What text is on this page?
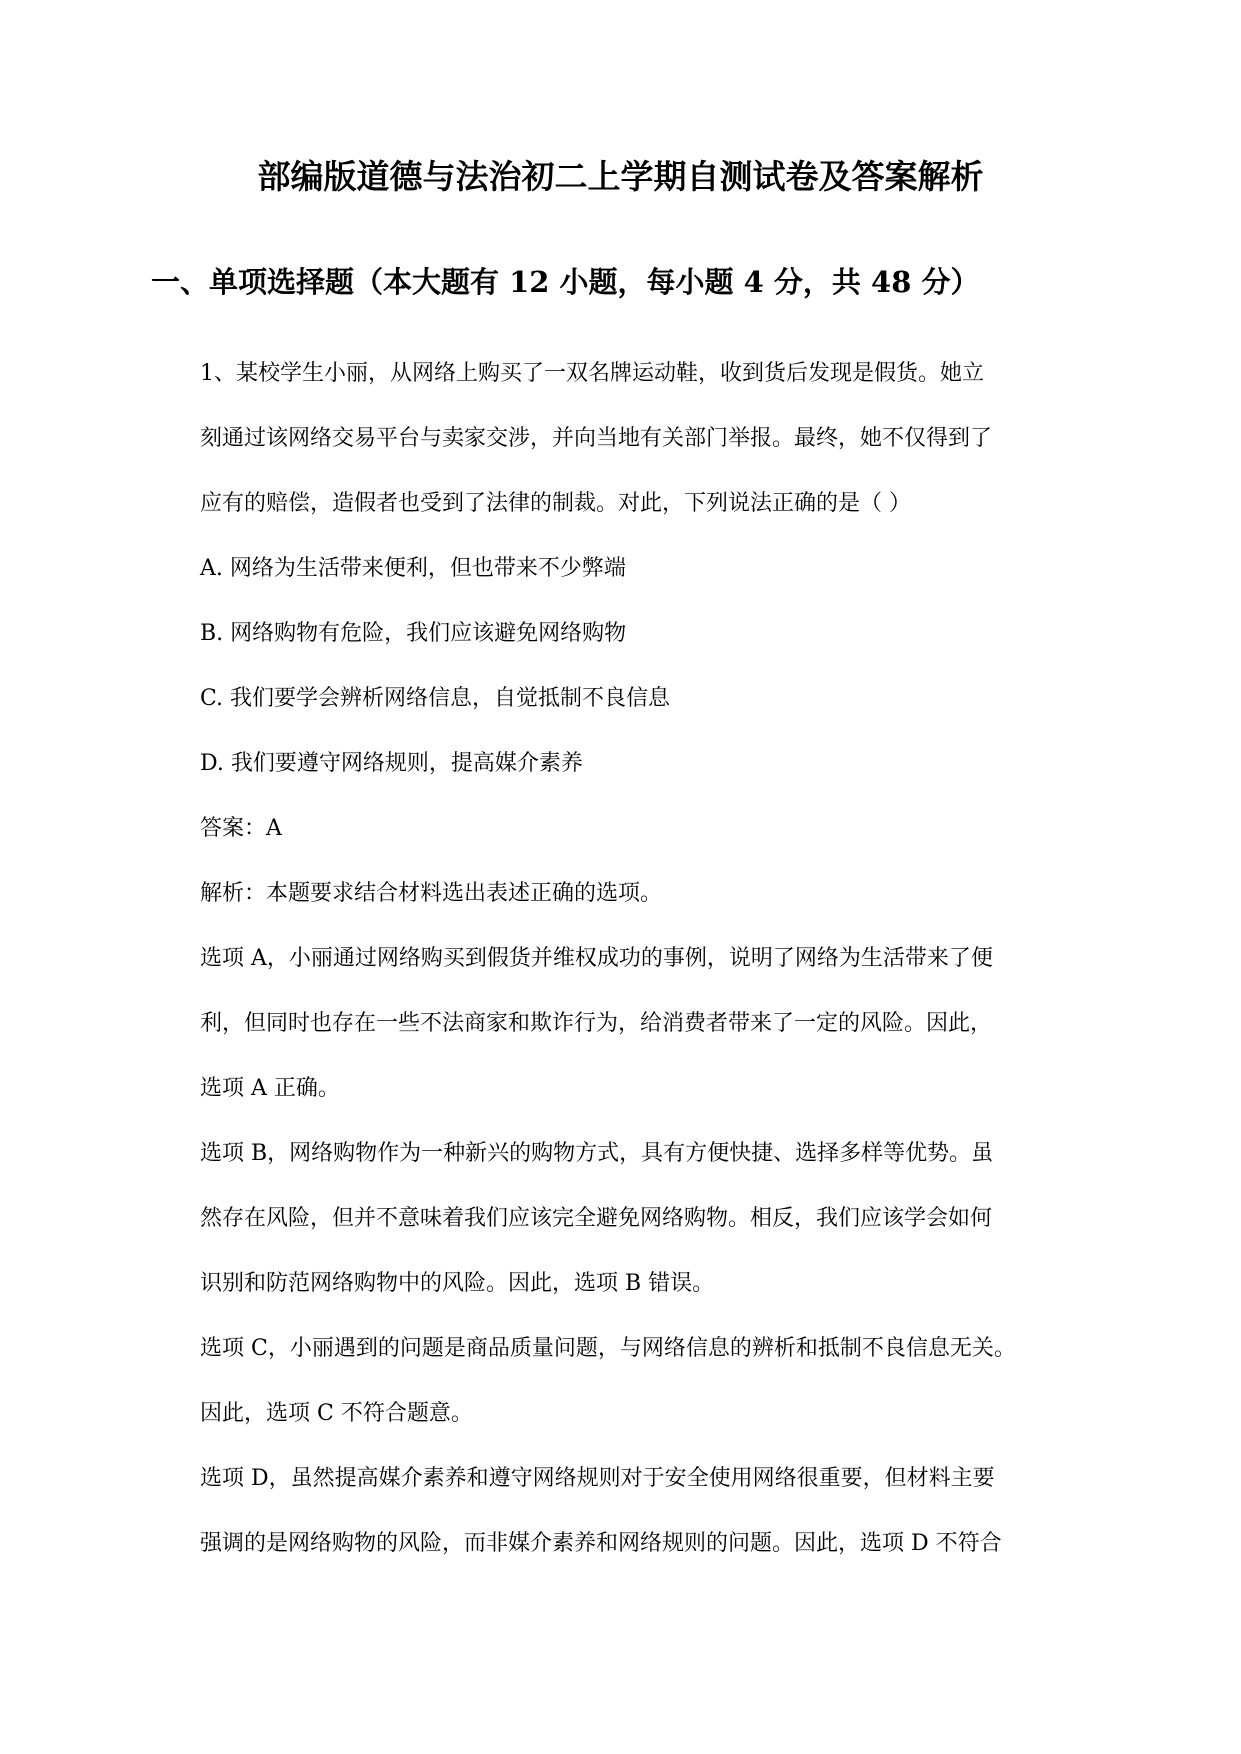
部编版道德与法治初二上学期自测试卷及答案解析
一、单项选择题（本大题有 12 小题，每小题 4 分，共 48 分）

1、某校学生小丽，从网络上购买了一双名牌运动鞋，收到货后发现是假货。她立

刻通过该网络交易平台与卖家交涉，并向当地有关部门举报。最终，她不仅得到了

应有的赔偿，造假者也受到了法律的制裁。对此，下列说法正确的是（ ）

A. 网络为生活带来便利，但也带来不少弊端

B. 网络购物有危险，我们应该避免网络购物

C. 我们要学会辨析网络信息，自觉抵制不良信息

D. 我们要遵守网络规则，提高媒介素养

答案：A

解析：本题要求结合材料选出表述正确的选项。

选项 A，小丽通过网络购买到假货并维权成功的事例，说明了网络为生活带来了便

利，但同时也存在一些不法商家和欺诈行为，给消费者带来了一定的风险。因此，

选项 A 正确。

选项 B，网络购物作为一种新兴的购物方式，具有方便快捷、选择多样等优势。虽

然存在风险，但并不意味着我们应该完全避免网络购物。相反，我们应该学会如何

识别和防范网络购物中的风险。因此，选项 B 错误。

选项 C，小丽遇到的问题是商品质量问题，与网络信息的辨析和抵制不良信息无关。

因此，选项 C 不符合题意。

选项 D，虽然提高媒介素养和遵守网络规则对于安全使用网络很重要，但材料主要

强调的是网络购物的风险，而非媒介素养和网络规则的问题。因此，选项 D 不符合
